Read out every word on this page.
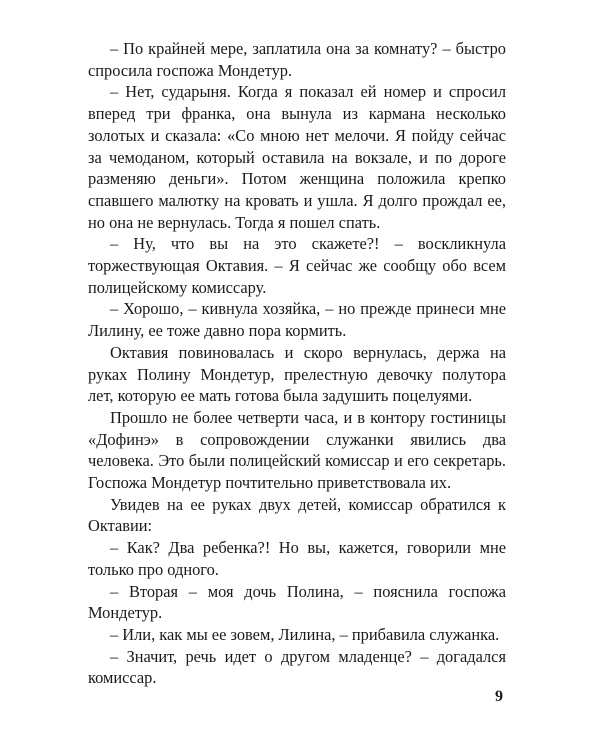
– По крайней мере, заплатила она за комнату? – быстро спросила госпожа Мондетур.

– Нет, сударыня. Когда я показал ей номер и спросил вперед три франка, она вынула из кармана несколько золотых и сказала: «Со мною нет мелочи. Я пойду сейчас за чемоданом, который оставила на вокзале, и по дороге разменяю деньги». Потом женщина положила крепко спавшего малютку на кровать и ушла. Я долго прождал ее, но она не вернулась. Тогда я пошел спать.

– Ну, что вы на это скажете?! – воскликнула торжествующая Октавия. – Я сейчас же сообщу обо всем полицейскому комиссару.

– Хорошо, – кивнула хозяйка, – но прежде принеси мне Лилину, ее тоже давно пора кормить.

Октавия повиновалась и скоро вернулась, держа на руках Полину Мондетур, прелестную девочку полутора лет, которую ее мать готова была задушить поцелуями.

Прошло не более четверти часа, и в контору гостиницы «Дофинэ» в сопровождении служанки явились два человека. Это были полицейский комиссар и его секретарь. Госпожа Мондетур почтительно приветствовала их.

Увидев на ее руках двух детей, комиссар обратился к Октавии:

– Как? Два ребенка?! Но вы, кажется, говорили мне только про одного.

– Вторая – моя дочь Полина, – пояснила госпожа Мондетур.

– Или, как мы ее зовем, Лилина, – прибавила служанка.

– Значит, речь идет о другом младенце? – догадался комиссар.

9
